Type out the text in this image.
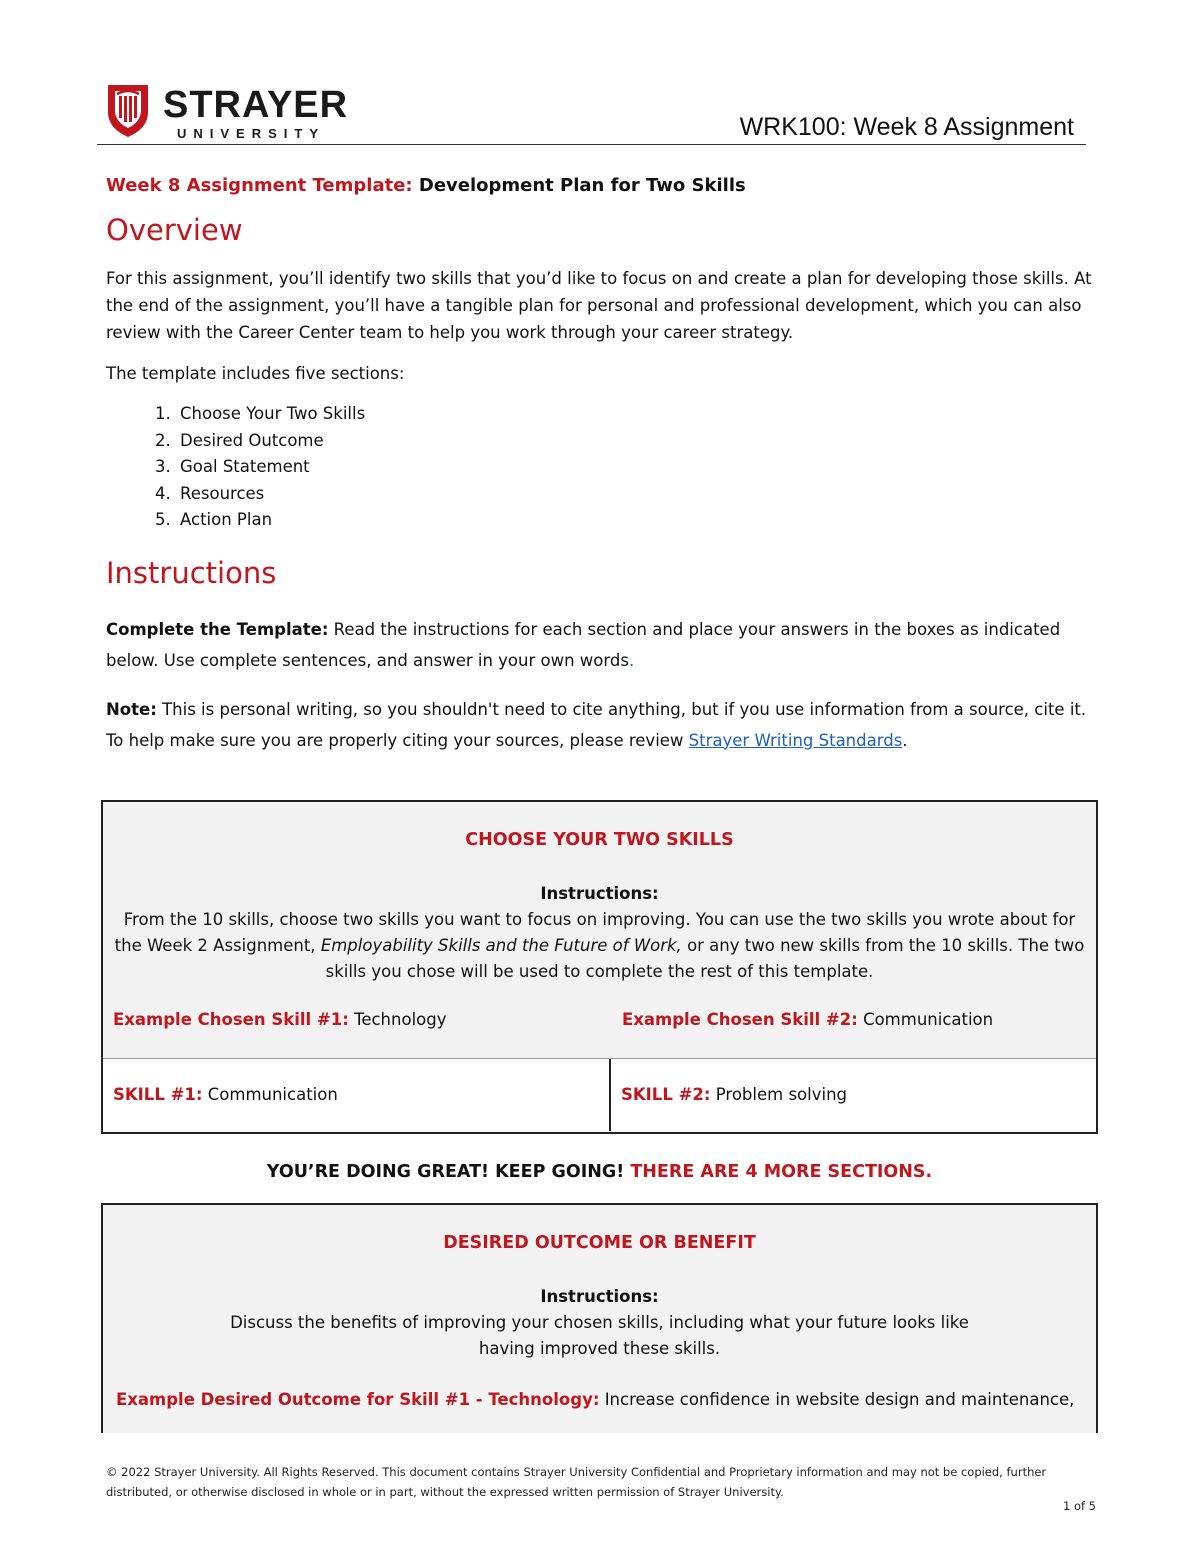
STRAYER
UNIVERSITY	WRK100: Week 8 Assignment

Week 8 Assignment Template: Development Plan for Two Skills

Overview

For this assignment, you’ll identify two skills that you’d like to focus on and create a plan for developing those skills. At the end of the assignment, you’ll have a tangible plan for personal and professional development, which you can also review with the Career Center team to help you work through your career strategy.

The template includes five sections:

1. Choose Your Two Skills
2. Desired Outcome
3. Goal Statement
4. Resources
5. Action Plan
Instructions

Complete the Template: Read the instructions for each section and place your answers in the boxes as indicated below. Use complete sentences, and answer in your own words.

Note: This is personal writing, so you shouldn't need to cite anything, but if you use information from a source, cite it. To help make sure you are properly citing your sources, please review Strayer Writing Standards.

CHOOSE YOUR TWO SKILLS
Instructions:
From the 10 skills, choose two skills you want to focus on improving. You can use the two skills you wrote about for the Week 2 Assignment, Employability Skills and the Future of Work, or any two new skills from the 10 skills. The two skills you chose will be used to complete the rest of this template.
Example Chosen Skill #1: Technology	Example Chosen Skill #2: Communication
SKILL #1: Communication	SKILL #2: Problem solving
YOU’RE DOING GREAT! KEEP GOING! THERE ARE 4 MORE SECTIONS.
DESIRED OUTCOME OR BENEFIT
Instructions:
Discuss the benefits of improving your chosen skills, including what your future looks like having improved these skills.
Example Desired Outcome for Skill #1 - Technology: Increase confidence in website design and maintenance,
© 2022 Strayer University. All Rights Reserved. This document contains Strayer University Confidential and Proprietary information and may not be copied, further distributed, or otherwise disclosed in whole or in part, without the expressed written permission of Strayer University.
1 of 5
